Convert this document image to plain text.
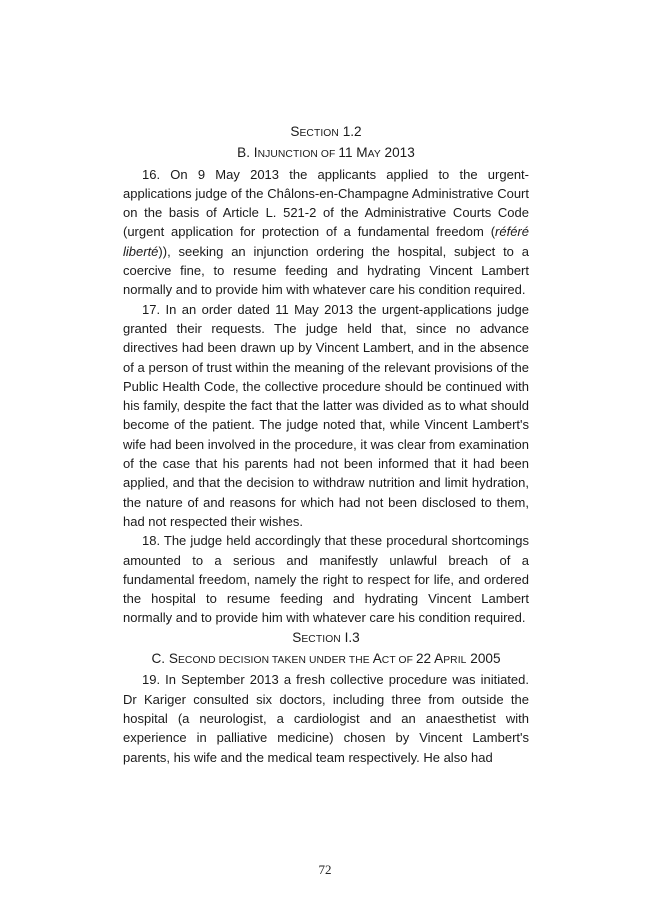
SECTION 1.2

B. INJUNCTION OF 11 MAY 2013

16. On 9 May 2013 the applicants applied to the urgent-applications judge of the Châlons-en-Champagne Administrative Court on the basis of Article L. 521-2 of the Administrative Courts Code (urgent application for protection of a fundamental freedom (référé liberté)), seeking an injunction ordering the hospital, subject to a coercive fine, to resume feeding and hydrating Vincent Lambert normally and to provide him with whatever care his condition required.

17. In an order dated 11 May 2013 the urgent-applications judge granted their requests. The judge held that, since no advance directives had been drawn up by Vincent Lambert, and in the absence of a person of trust within the meaning of the relevant provisions of the Public Health Code, the collective procedure should be continued with his family, despite the fact that the latter was divided as to what should become of the patient. The judge noted that, while Vincent Lambert's wife had been involved in the procedure, it was clear from examination of the case that his parents had not been informed that it had been applied, and that the decision to withdraw nutrition and limit hydration, the nature of and reasons for which had not been disclosed to them, had not respected their wishes.

18. The judge held accordingly that these procedural shortcomings amounted to a serious and manifestly unlawful breach of a fundamental freedom, namely the right to respect for life, and ordered the hospital to resume feeding and hydrating Vincent Lambert normally and to provide him with whatever care his condition required.

SECTION I.3

C. SECOND DECISION TAKEN UNDER THE ACT OF 22 APRIL 2005

19. In September 2013 a fresh collective procedure was initiated. Dr Kariger consulted six doctors, including three from outside the hospital (a neurologist, a cardiologist and an anaesthetist with experience in palliative medicine) chosen by Vincent Lambert's parents, his wife and the medical team respectively. He also had

72
